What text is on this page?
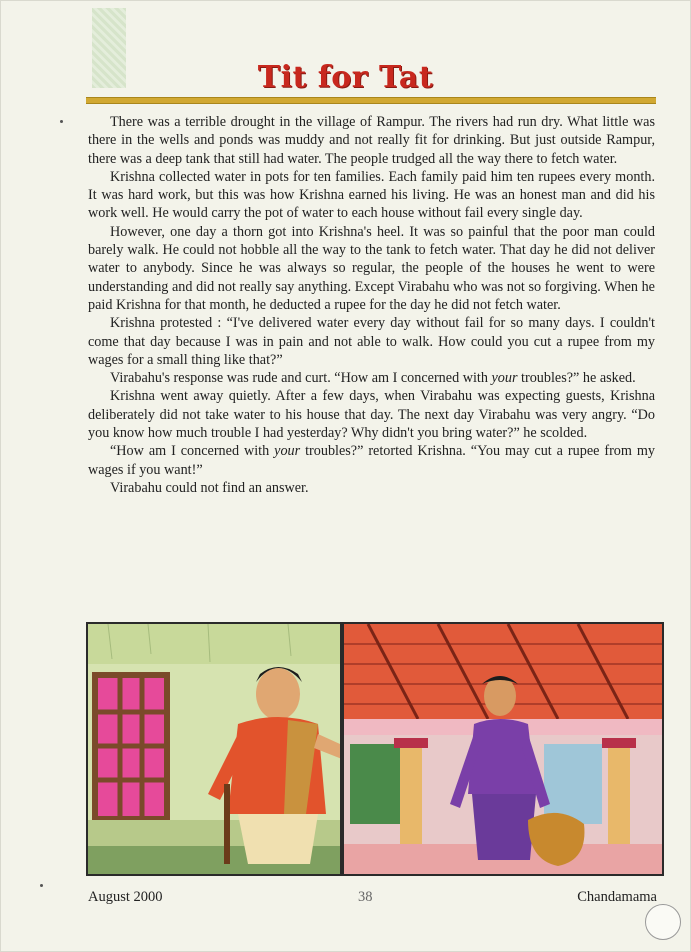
Tit for Tat

There was a terrible drought in the village of Rampur. The rivers had run dry. What little was there in the wells and ponds was muddy and not really fit for drinking. But just outside Rampur, there was a deep tank that still had water. The people trudged all the way there to fetch water.

Krishna collected water in pots for ten families. Each family paid him ten rupees every month. It was hard work, but this was how Krishna earned his living. He was an honest man and did his work well. He would carry the pot of water to each house without fail every single day.

However, one day a thorn got into Krishna's heel. It was so painful that the poor man could barely walk. He could not hobble all the way to the tank to fetch water. That day he did not deliver water to anybody. Since he was always so regular, the people of the houses he went to were understanding and did not really say anything. Except Virabahu who was not so forgiving. When he paid Krishna for that month, he deducted a rupee for the day he did not fetch water.

Krishna protested : “I've delivered water every day without fail for so many days. I couldn't come that day because I was in pain and not able to walk. How could you cut a rupee from my wages for a small thing like that?”

Virabahu's response was rude and curt. “How am I concerned with your troubles?” he asked.

Krishna went away quietly. After a few days, when Virabahu was expecting guests, Krishna deliberately did not take water to his house that day. The next day Virabahu was very angry. “Do you know how much trouble I had yesterday? Why didn't you bring water?” he scolded.

“How am I concerned with your troubles?” retorted Krishna. “You may cut a rupee from my wages if you want!”

Virabahu could not find an answer.

August 2000	38	Chandamama
